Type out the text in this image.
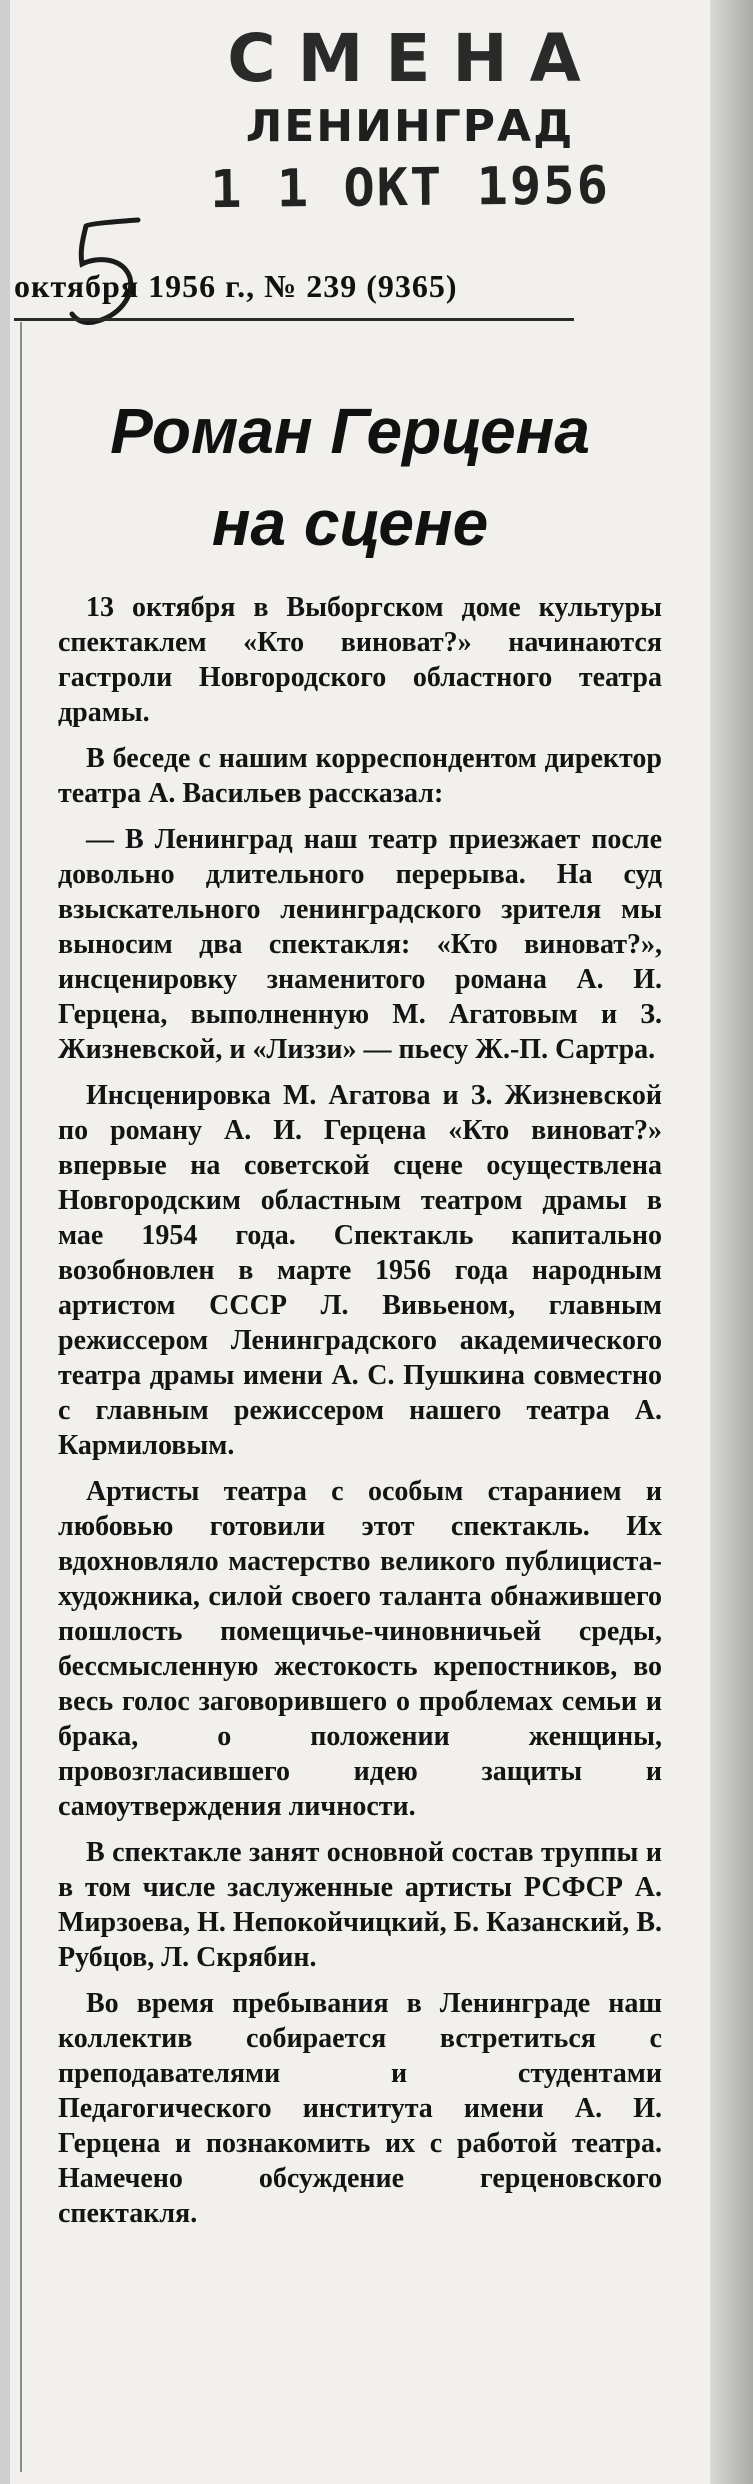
СМЕНА
ЛЕНИНГРАД
1 1 ОКТ 1956
октября 1956 г., № 239 (9365)
Роман Герцена
на сцене

13 октября в Выборгском доме культуры спектаклем «Кто виноват?» начинаются гастроли Новгородского областного театра драмы.

В беседе с нашим корреспондентом директор театра А. Васильев рассказал:

— В Ленинград наш театр приезжает после довольно длительного перерыва. На суд взыскательного ленинградского зрителя мы выносим два спектакля: «Кто виноват?», инсценировку знаменитого романа А. И. Герцена, выполненную М. Агатовым и З. Жизневской, и «Лиззи» — пьесу Ж.-П. Сартра.

Инсценировка М. Агатова и З. Жизневской по роману А. И. Герцена «Кто виноват?» впервые на советской сцене осуществлена Новгородским областным театром драмы в мае 1954 года. Спектакль капитально возобновлен в марте 1956 года народным артистом СССР Л. Вивьеном, главным режиссером Ленинградского академического театра драмы имени А. С. Пушкина совместно с главным режиссером нашего театра А. Кармиловым.

Артисты театра с особым старанием и любовью готовили этот спектакль. Их вдохновляло мастерство великого публициста-художника, силой своего таланта обнажившего пошлость помещичье-чиновничьей среды, бессмысленную жестокость крепостников, во весь голос заговорившего о проблемах семьи и брака, о положении женщины, провозгласившего идею защиты и самоутверждения личности.

В спектакле занят основной состав труппы и в том числе заслуженные артисты РСФСР А. Мирзоева, Н. Непокойчицкий, Б. Казанский, В. Рубцов, Л. Скрябин.

Во время пребывания в Ленинграде наш коллектив собирается встретиться с преподавателями и студентами Педагогического института имени А. И. Герцена и познакомить их с работой театра. Намечено обсуждение герценовского спектакля.
